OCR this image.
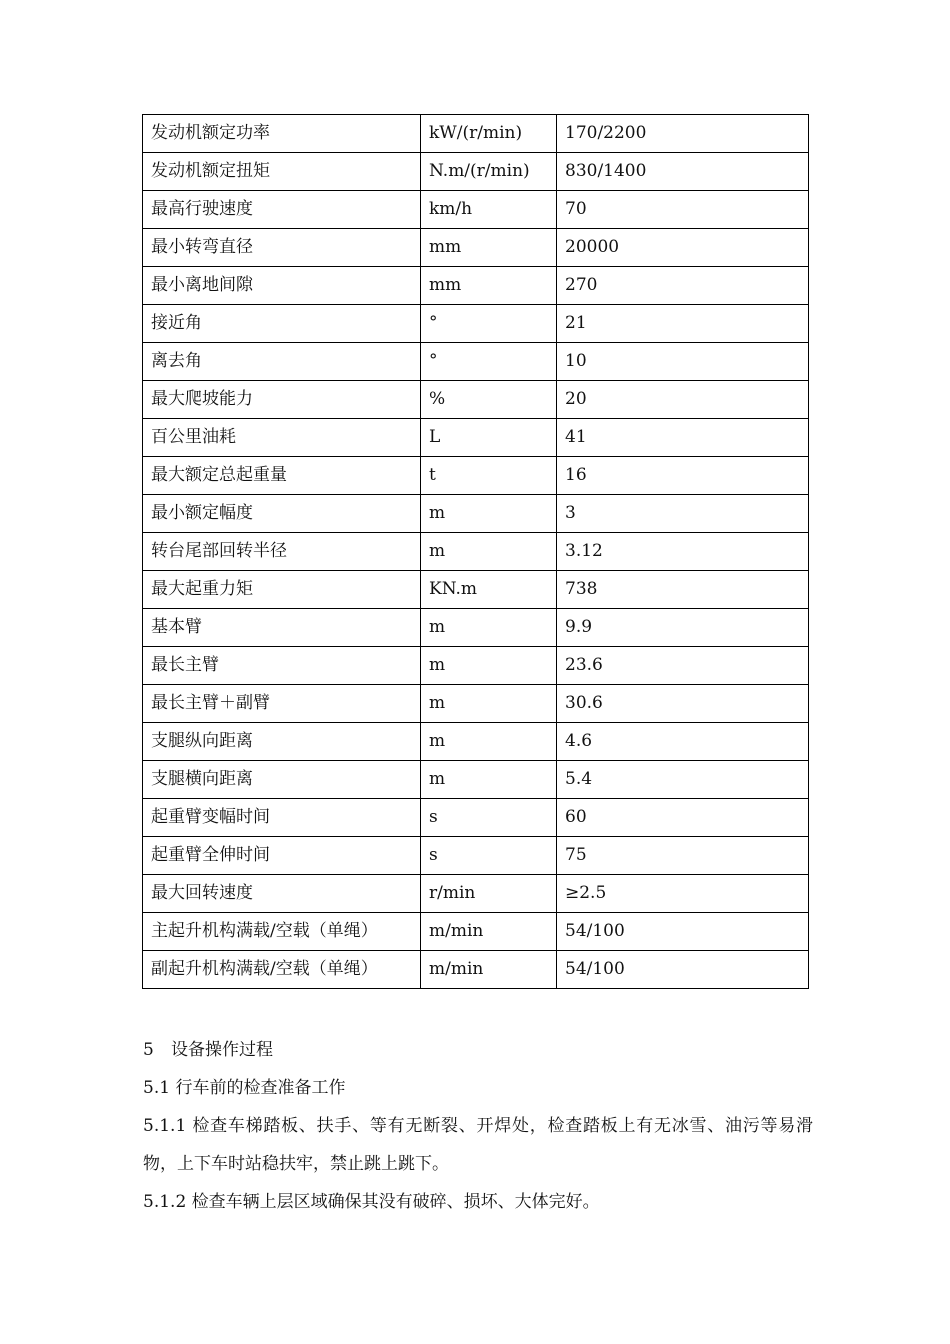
发动机额定功率	kW/(r/min)	170/2200
发动机额定扭矩	N.m/(r/min)	830/1400
最高行驶速度	km/h	70
最小转弯直径	mm	20000
最小离地间隙	mm	270
接近角	°	21
离去角	°	10
最大爬坡能力	%	20
百公里油耗	L	41
最大额定总起重量	t	16
最小额定幅度	m	3
转台尾部回转半径	m	3.12
最大起重力矩	KN.m	738
基本臂	m	9.9
最长主臂	m	23.6
最长主臂＋副臂	m	30.6
支腿纵向距离	m	4.6
支腿横向距离	m	5.4
起重臂变幅时间	s	60
起重臂全伸时间	s	75
最大回转速度	r/min	≥2.5
主起升机构满载/空载（单绳）	m/min	54/100
副起升机构满载/空载（单绳）	m/min	54/100

5 设备操作过程

5.1 行车前的检查准备工作

5.1.1 检查车梯踏板、扶手、等有无断裂、开焊处，检查踏板上有无冰雪、油污等易滑物，上下车时站稳扶牢，禁止跳上跳下。

5.1.2 检查车辆上层区域确保其没有破碎、损坏、大体完好。
